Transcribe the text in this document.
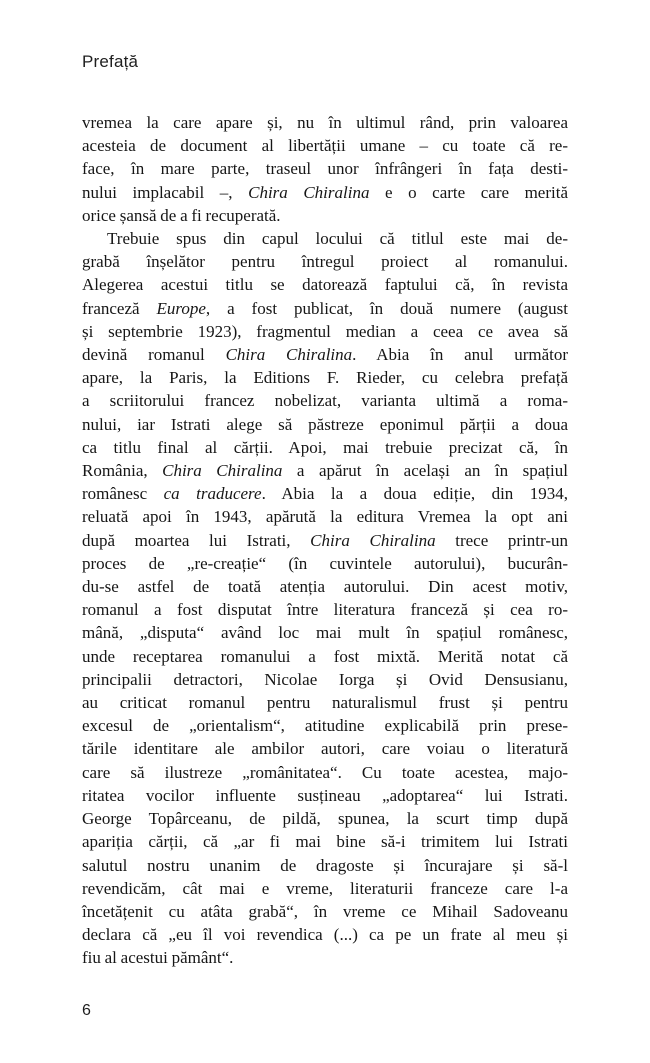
Prefață
vremea la care apare și, nu în ultimul rând, prin valoarea
acesteia de document al libertății umane – cu toate că re-
face, în mare parte, traseul unor înfrângeri în fața desti-
nului implacabil –, Chira Chiralina e o carte care merită
orice șansă de a fi recuperată.
Trebuie spus din capul locului că titlul este mai de-
grabă înșelător pentru întregul proiect al romanului.
Alegerea acestui titlu se datorează faptului că, în revista
franceză Europe, a fost publicat, în două numere (august
și septembrie 1923), fragmentul median a ceea ce avea să
devină romanul Chira Chiralina. Abia în anul următor
apare, la Paris, la Editions F. Rieder, cu celebra prefață
a scriitorului francez nobelizat, varianta ultimă a roma-
nului, iar Istrati alege să păstreze eponimul părții a doua
ca titlu final al cărții. Apoi, mai trebuie precizat că, în
România, Chira Chiralina a apărut în același an în spațiul
românesc ca traducere. Abia la a doua ediție, din 1934,
reluată apoi în 1943, apărută la editura Vremea la opt ani
după moartea lui Istrati, Chira Chiralina trece printr-un
proces de „re-creație“ (în cuvintele autorului), bucurân-
du-se astfel de toată atenția autorului. Din acest motiv,
romanul a fost disputat între literatura franceză și cea ro-
mână, „disputa“ având loc mai mult în spațiul românesc,
unde receptarea romanului a fost mixtă. Merită notat că
principalii detractori, Nicolae Iorga și Ovid Densusianu,
au criticat romanul pentru naturalismul frust și pentru
excesul de „orientalism“, atitudine explicabilă prin prese-
tările identitare ale ambilor autori, care voiau o literatură
care să ilustreze „românitatea“. Cu toate acestea, majo-
ritatea vocilor influente susțineau „adoptarea“ lui Istrati.
George Topârceanu, de pildă, spunea, la scurt timp după
apariția cărții, că „ar fi mai bine să-i trimitem lui Istrati
salutul nostru unanim de dragoste și încurajare și să-l
revendicăm, cât mai e vreme, literaturii franceze care l-a
încetățenit cu atâta grabă“, în vreme ce Mihail Sadoveanu
declara că „eu îl voi revendica (...) ca pe un frate al meu și
fiu al acestui pământ“.
6
